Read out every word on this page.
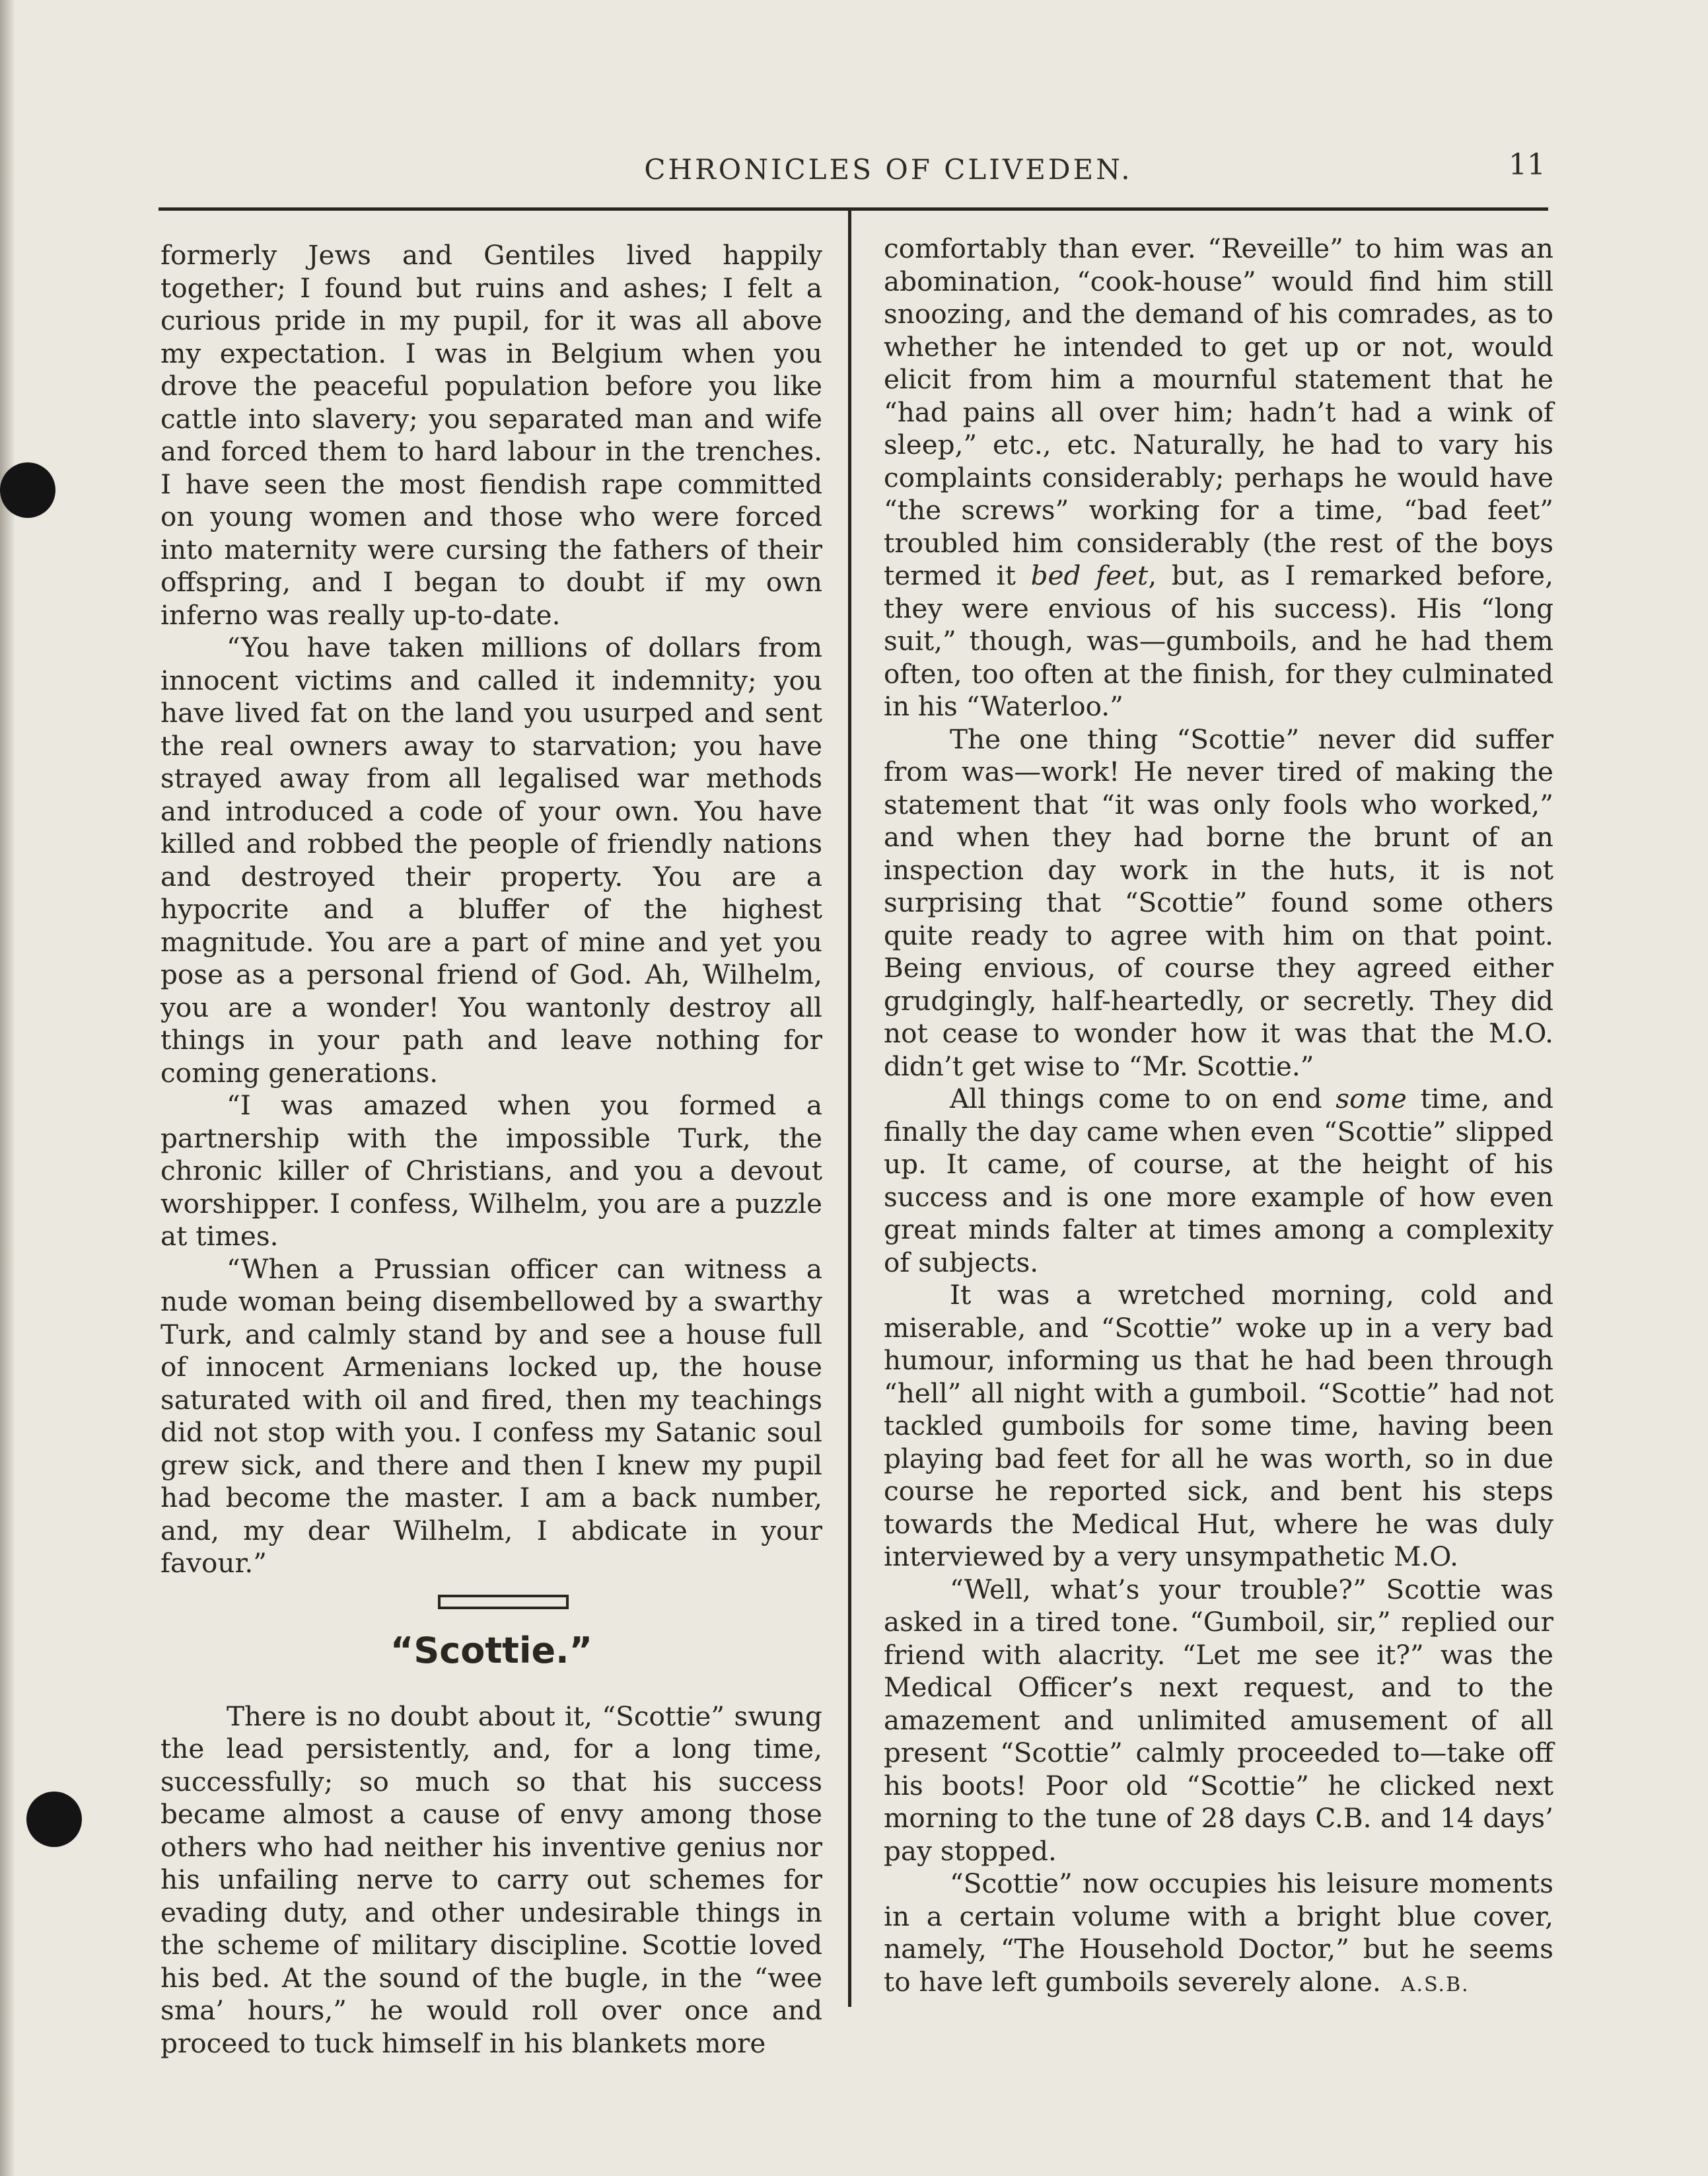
CHRONICLES OF CLIVEDEN.	11

formerly Jews and Gentiles lived happily together; I found but ruins and ashes; I felt a curious pride in my pupil, for it was all above my expectation. I was in Belgium when you drove the peaceful population before you like cattle into slavery; you separated man and wife and forced them to hard labour in the trenches. I have seen the most fiendish rape committed on young women and those who were forced into maternity were cursing the fathers of their offspring, and I began to doubt if my own inferno was really up-to-date.

“You have taken millions of dollars from innocent victims and called it indemnity; you have lived fat on the land you usurped and sent the real owners away to starvation; you have strayed away from all legalised war methods and introduced a code of your own. You have killed and robbed the people of friendly nations and destroyed their property. You are a hypocrite and a bluffer of the highest magnitude. You are a part of mine and yet you pose as a personal friend of God. Ah, Wilhelm, you are a wonder! You wantonly destroy all things in your path and leave nothing for coming generations.

“I was amazed when you formed a partnership with the impossible Turk, the chronic killer of Christians, and you a devout worshipper. I confess, Wilhelm, you are a puzzle at times.

“When a Prussian officer can witness a nude woman being disembellowed by a swarthy Turk, and calmly stand by and see a house full of innocent Armenians locked up, the house saturated with oil and fired, then my teachings did not stop with you. I confess my Satanic soul grew sick, and there and then I knew my pupil had become the master. I am a back number, and, my dear Wilhelm, I abdicate in your favour.”

“Scottie.”

There is no doubt about it, “Scottie” swung the lead persistently, and, for a long time, successfully; so much so that his success became almost a cause of envy among those others who had neither his inventive genius nor his unfailing nerve to carry out schemes for evading duty, and other undesirable things in the scheme of military discipline. Scottie loved his bed. At the sound of the bugle, in the “wee sma’ hours,” he would roll over once and proceed to tuck himself in his blankets more

comfortably than ever. “Reveille” to him was an abomination, “cook-house” would find him still snoozing, and the demand of his comrades, as to whether he intended to get up or not, would elicit from him a mournful statement that he “had pains all over him; hadn’t had a wink of sleep,” etc., etc. Naturally, he had to vary his complaints considerably; perhaps he would have “the screws” working for a time, “bad feet” troubled him considerably (the rest of the boys termed it bed feet, but, as I remarked before, they were envious of his success). His “long suit,” though, was—gumboils, and he had them often, too often at the finish, for they culminated in his “Waterloo.”

The one thing “Scottie” never did suffer from was—work! He never tired of making the statement that “it was only fools who worked,” and when they had borne the brunt of an inspection day work in the huts, it is not surprising that “Scottie” found some others quite ready to agree with him on that point. Being envious, of course they agreed either grudgingly, half-heartedly, or secretly. They did not cease to wonder how it was that the M.O. didn’t get wise to “Mr. Scottie.”

All things come to on end some time, and finally the day came when even “Scottie” slipped up. It came, of course, at the height of his success and is one more example of how even great minds falter at times among a complexity of subjects.

It was a wretched morning, cold and miserable, and “Scottie” woke up in a very bad humour, informing us that he had been through “hell” all night with a gumboil. “Scottie” had not tackled gumboils for some time, having been playing bad feet for all he was worth, so in due course he reported sick, and bent his steps towards the Medical Hut, where he was duly interviewed by a very unsympathetic M.O.

“Well, what’s your trouble?” Scottie was asked in a tired tone. “Gumboil, sir,” replied our friend with alacrity. “Let me see it?” was the Medical Officer’s next request, and to the amazement and unlimited amusement of all present “Scottie” calmly proceeded to—take off his boots! Poor old “Scottie” he clicked next morning to the tune of 28 days C.B. and 14 days’ pay stopped.

“Scottie” now occupies his leisure moments in a certain volume with a bright blue cover, namely, “The Household Doctor,” but he seems to have left gumboils severely alone. A.S.B.
